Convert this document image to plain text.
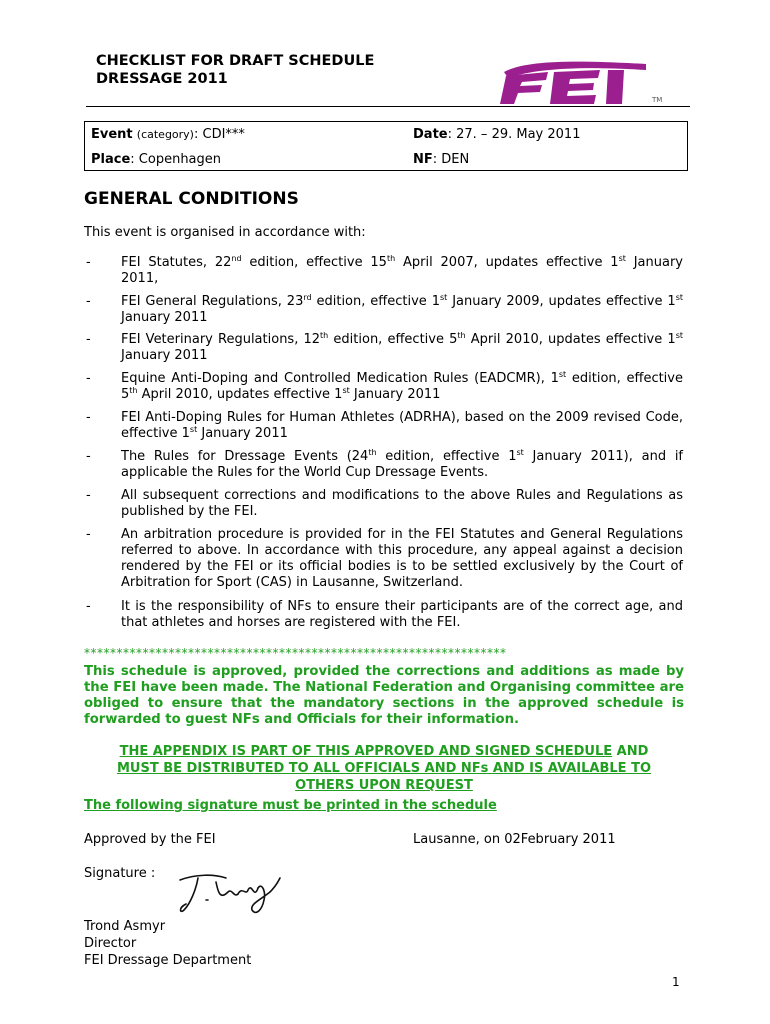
CHECKLIST FOR DRAFT SCHEDULE
DRESSAGE 2011
TM
Event (category): CDI***	Date: 27. – 29. May 2011
Place: Copenhagen	NF: DEN
GENERAL CONDITIONS
This event is organised in accordance with:
- FEI Statutes, 22nd edition, effective 15th April 2007, updates effective 1st January 2011,
- FEI General Regulations, 23rd edition, effective 1st January 2009, updates effective 1st January 2011
- FEI Veterinary Regulations, 12th edition, effective 5th April 2010, updates effective 1st January 2011
- Equine Anti-Doping and Controlled Medication Rules (EADCMR), 1st edition, effective 5th April 2010, updates effective 1st January 2011
- FEI Anti-Doping Rules for Human Athletes (ADRHA), based on the 2009 revised Code, effective 1st January 2011
- The Rules for Dressage Events (24th edition, effective 1st January 2011), and if applicable the Rules for the World Cup Dressage Events.
- All subsequent corrections and modifications to the above Rules and Regulations as published by the FEI.
- An arbitration procedure is provided for in the FEI Statutes and General Regulations referred to above. In accordance with this procedure, any appeal against a decision rendered by the FEI or its official bodies is to be settled exclusively by the Court of Arbitration for Sport (CAS) in Lausanne, Switzerland.
- It is the responsibility of NFs to ensure their participants are of the correct age, and that athletes and horses are registered with the FEI.
*****************************************************************
This schedule is approved, provided the corrections and additions as made by the FEI have been made. The National Federation and Organising committee are obliged to ensure that the mandatory sections in the approved schedule is forwarded to guest NFs and Officials for their information.
THE APPENDIX IS PART OF THIS APPROVED AND SIGNED SCHEDULE AND
MUST BE DISTRIBUTED TO ALL OFFICIALS AND NFs AND IS AVAILABLE TO
OTHERS UPON REQUEST
The following signature must be printed in the schedule
Approved by the FEI	Lausanne, on 02February 2011
Signature :
Trond Asmyr
Director
FEI Dressage Department
1
